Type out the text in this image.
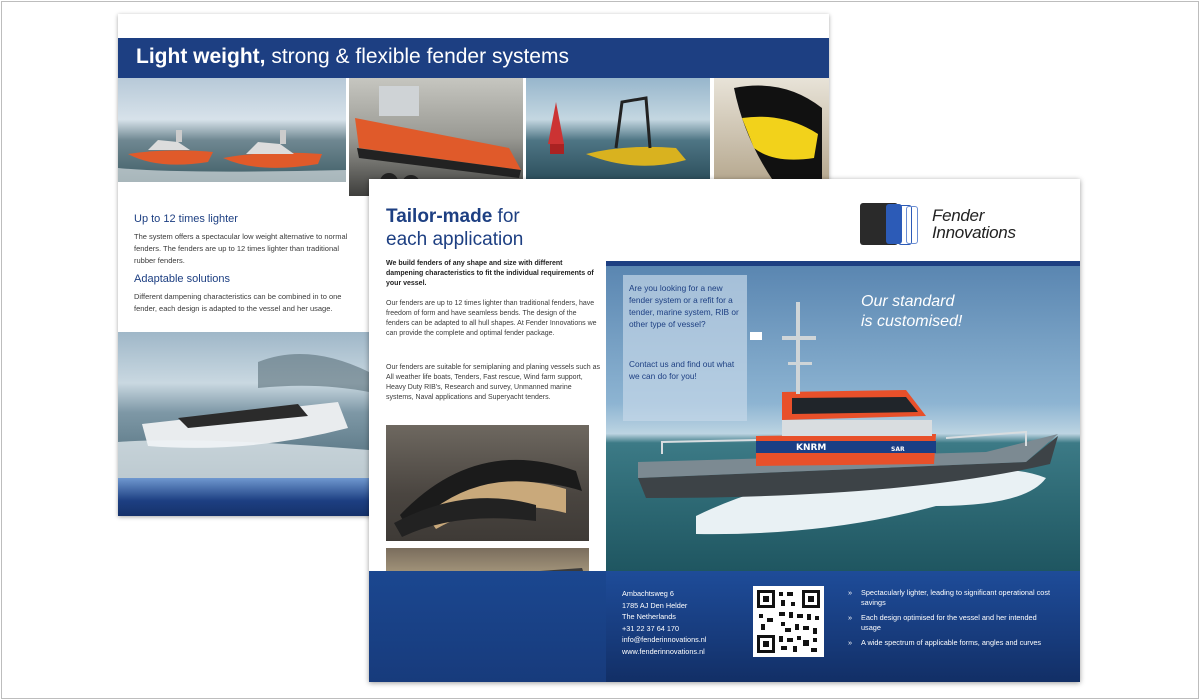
Light weight, strong & flexible fender systems
Up to 12 times lighter
The system offers a spectacular low weight alternative to normal fenders. The fenders are up to 12 times lighter than traditional rubber fenders.
Adaptable solutions
Different dampening characteristics can be combined in to one fender, each design is adapted to the vessel and her usage.
Tailor-made for
each application
We build fenders of any shape and size with different dampening characteristics to fit the individual requirements of your vessel.
Our fenders are up to 12 times lighter than traditional fenders, have freedom of form and have seamless bends. The design of the fenders can be adapted to all hull shapes. At Fender Innovations we can provide the complete and optimal fender package.
Our fenders are suitable for semiplaning and planing vessels such as All weather life boats, Tenders, Fast rescue, Wind farm support, Heavy Duty RIB's, Research and survey, Unmanned marine systems, Naval applications and Superyacht tenders.
Fender
Innovations
KNRM	SAR
Are you looking for a new fender system or a refit for a tender, marine system, RIB or other type of vessel?
Contact us and find out what we can do for you!
Our standard
is customised!
Ambachtsweg 6
1785 AJ Den Helder
The Netherlands
+31 22 37 64 170
info@fenderinnovations.nl
www.fenderinnovations.nl
» Spectacularly lighter, leading to significant operational cost savings
» Each design optimised for the vessel and her intended usage
» A wide spectrum of applicable forms, angles and curves
